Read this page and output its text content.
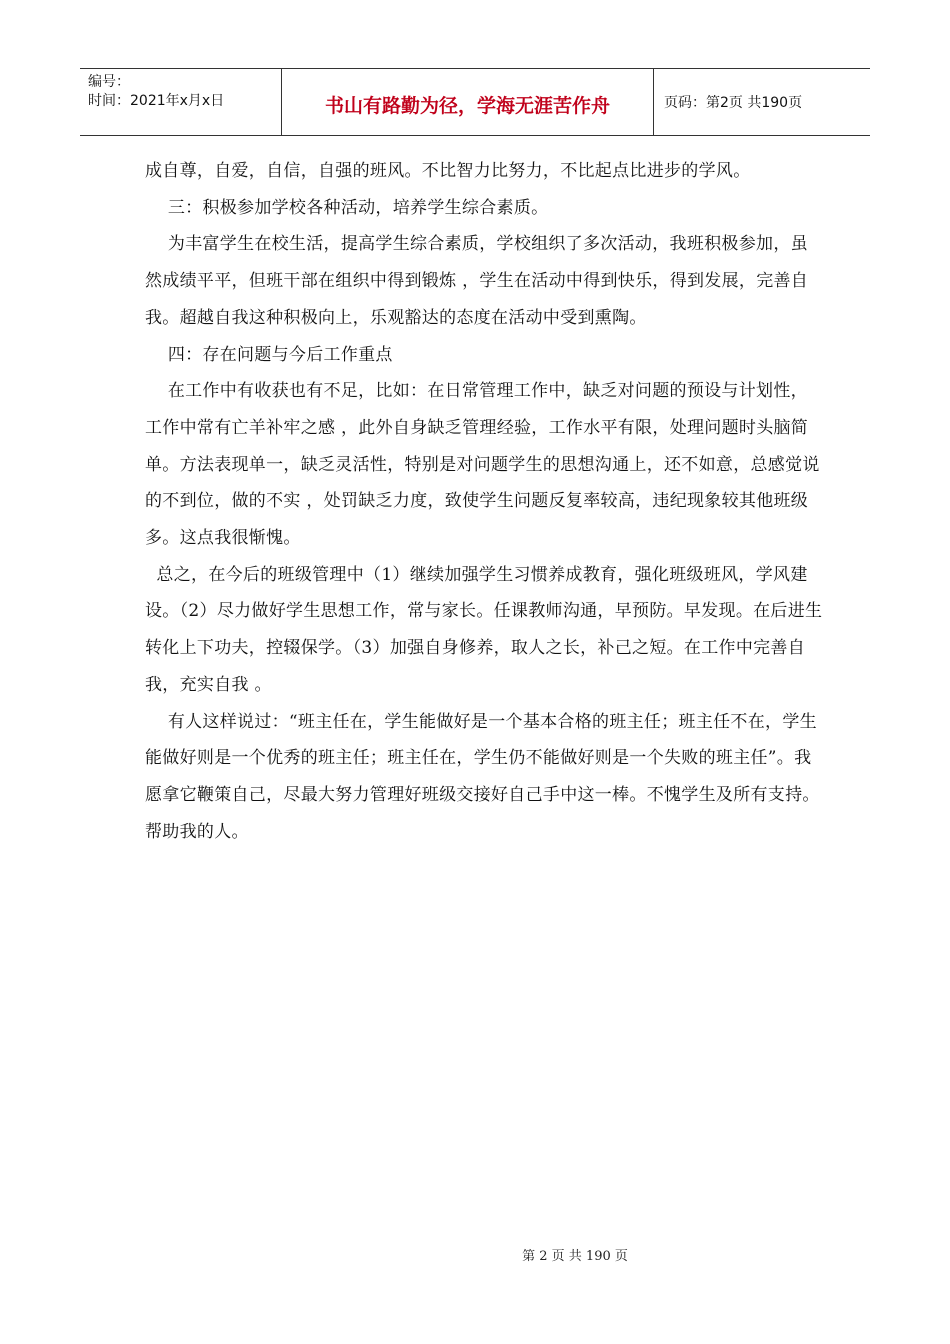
编号：
时间：2021年x月x日	书山有路勤为径，学海无涯苦作舟	页码：第2页 共190页

成自尊，自爱，自信，自强的班风。不比智力比努力，不比起点比进步的学风。

三：积极参加学校各种活动，培养学生综合素质。

为丰富学生在校生活，提高学生综合素质，学校组织了多次活动，我班积极参加，虽然成绩平平，但班干部在组织中得到锻炼 ，学生在活动中得到快乐，得到发展，完善自我。超越自我这种积极向上，乐观豁达的态度在活动中受到熏陶。

四：存在问题与今后工作重点

在工作中有收获也有不足，比如：在日常管理工作中，缺乏对问题的预设与计划性，工作中常有亡羊补牢之感 ，此外自身缺乏管理经验，工作水平有限，处理问题时头脑简单。方法表现单一，缺乏灵活性，特别是对问题学生的思想沟通上，还不如意，总感觉说的不到位，做的不实 ，处罚缺乏力度，致使学生问题反复率较高，违纪现象较其他班级多。这点我很惭愧。

总之，在今后的班级管理中（1）继续加强学生习惯养成教育，强化班级班风，学风建设。（2）尽力做好学生思想工作，常与家长。任课教师沟通，早预防。早发现。在后进生转化上下功夫，控辍保学。（3）加强自身修养，取人之长，补己之短。在工作中完善自我，充实自我 。

有人这样说过：“班主任在，学生能做好是一个基本合格的班主任；班主任不在，学生能做好则是一个优秀的班主任；班主任在，学生仍不能做好则是一个失败的班主任”。我愿拿它鞭策自己，尽最大努力管理好班级交接好自己手中这一棒。不愧学生及所有支持。帮助我的人。

第 2 页 共 190 页
